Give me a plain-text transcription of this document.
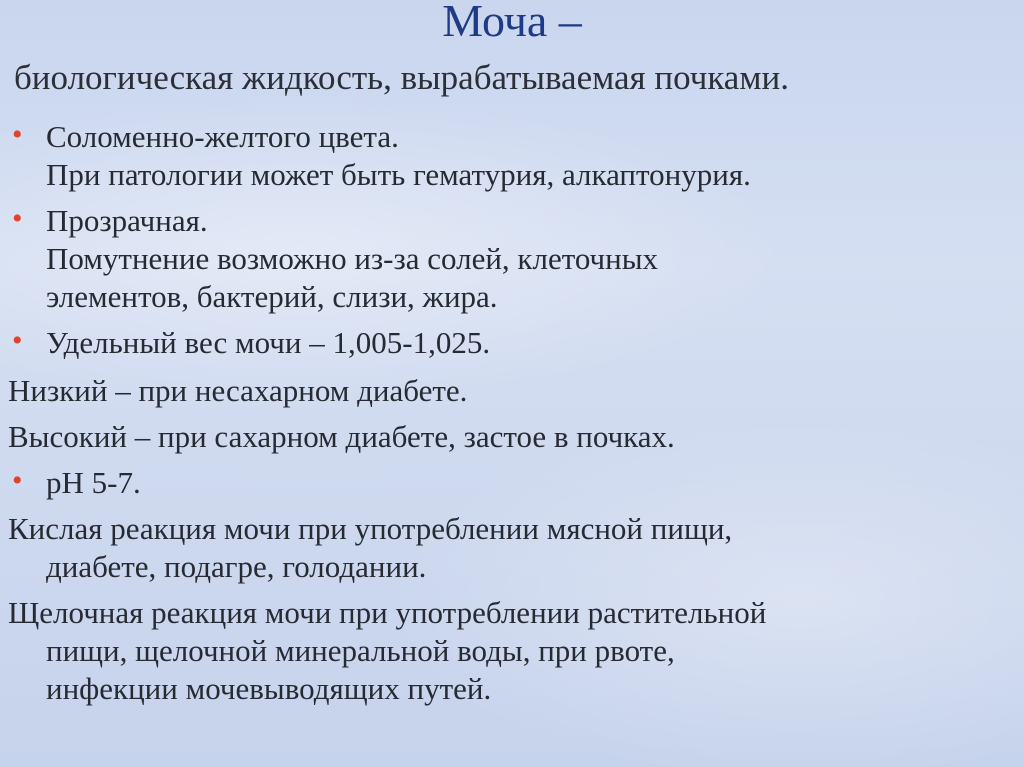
Моча –
биологическая жидкость, вырабатываемая почками.
• Соломенно-желтого цвета.
При патологии может быть гематурия, алкаптонурия.
• Прозрачная.
Помутнение возможно из-за солей, клеточных
элементов, бактерий, слизи, жира.
• Удельный вес мочи – 1,005-1,025.
Низкий – при несахарном диабете.
Высокий – при сахарном диабете, застое в почках.
• pH 5-7.
Кислая реакция мочи при употреблении мясной пищи,
диабете, подагре, голодании.
Щелочная реакция мочи при употреблении растительной
пищи, щелочной минеральной воды, при рвоте,
инфекции мочевыводящих путей.
